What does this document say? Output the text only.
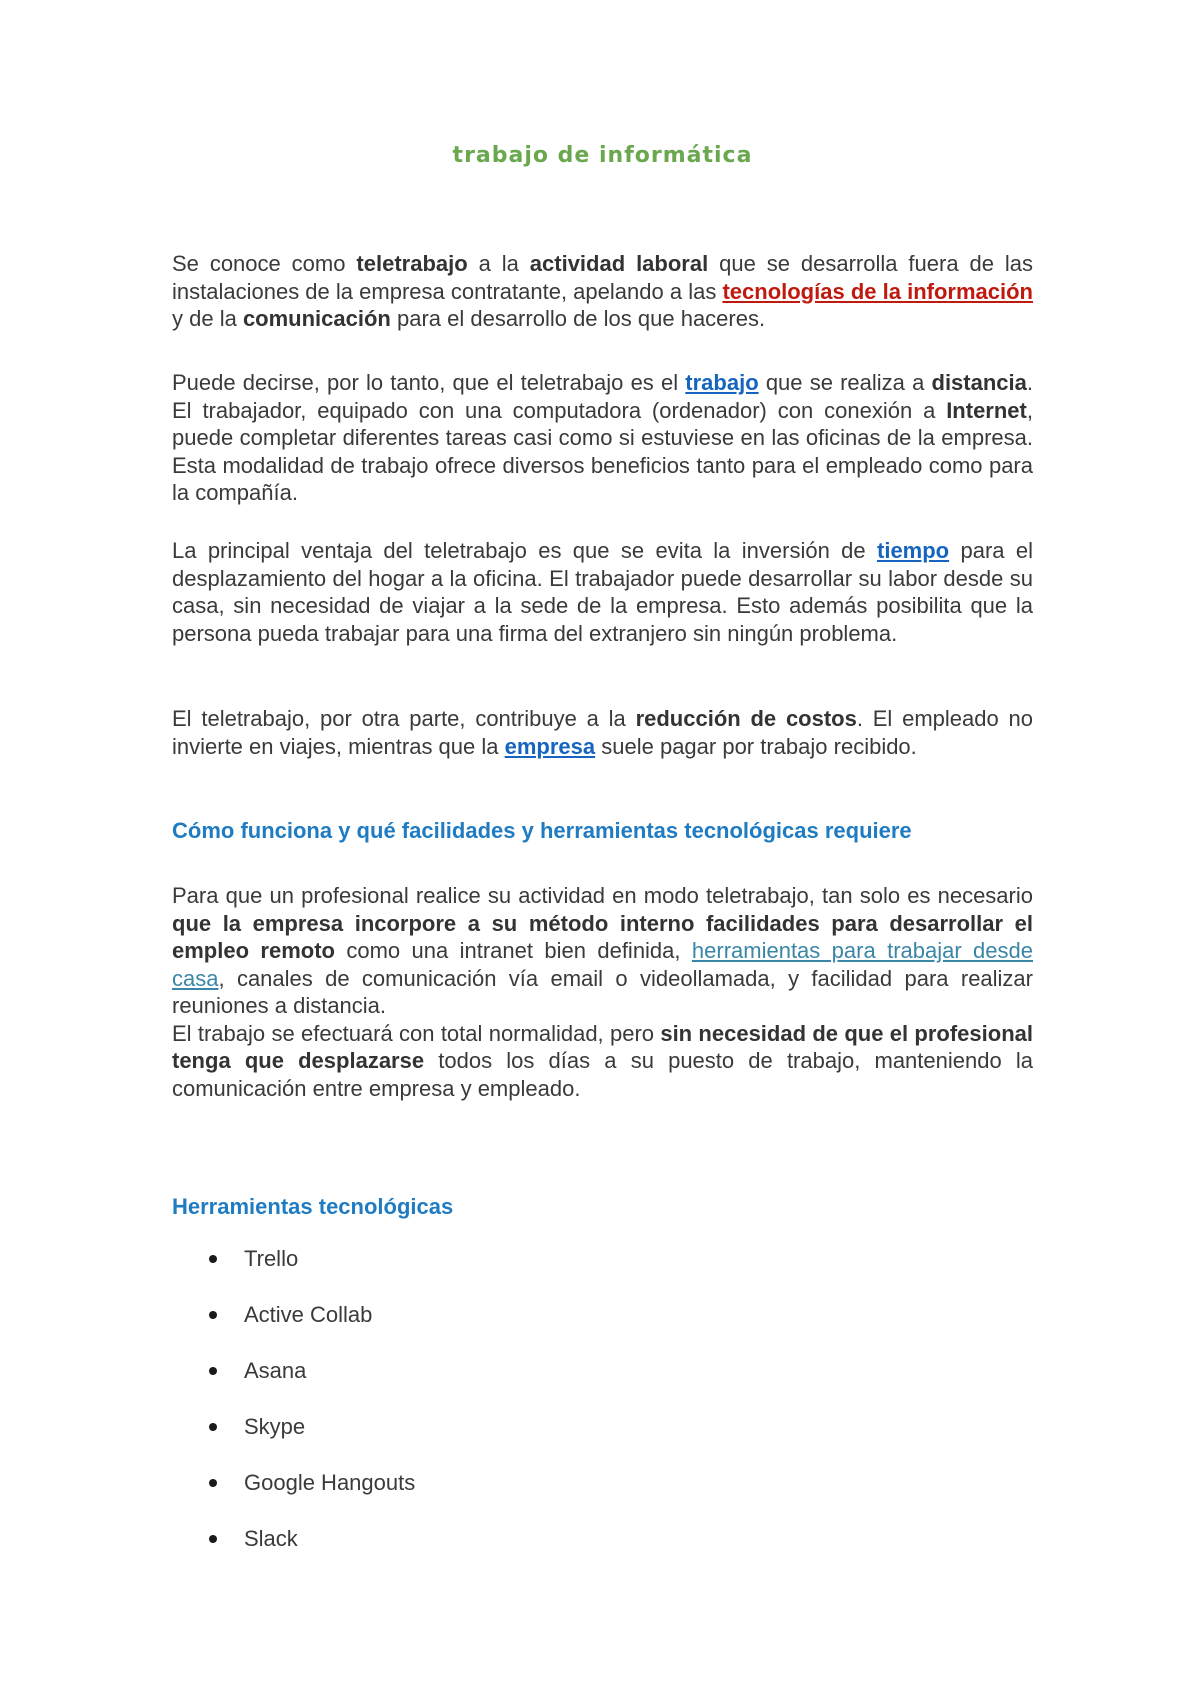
trabajo de informática

Se conoce como teletrabajo a la actividad laboral que se desarrolla fuera de las instalaciones de la empresa contratante, apelando a las tecnologías de la información y de la comunicación para el desarrollo de los que haceres.

Puede decirse, por lo tanto, que el teletrabajo es el trabajo que se realiza a distancia. El trabajador, equipado con una computadora (ordenador) con conexión a Internet, puede completar diferentes tareas casi como si estuviese en las oficinas de la empresa. Esta modalidad de trabajo ofrece diversos beneficios tanto para el empleado como para la compañía.

La principal ventaja del teletrabajo es que se evita la inversión de tiempo para el desplazamiento del hogar a la oficina. El trabajador puede desarrollar su labor desde su casa, sin necesidad de viajar a la sede de la empresa. Esto además posibilita que la persona pueda trabajar para una firma del extranjero sin ningún problema.

El teletrabajo, por otra parte, contribuye a la reducción de costos. El empleado no invierte en viajes, mientras que la empresa suele pagar por trabajo recibido.

Cómo funciona y qué facilidades y herramientas tecnológicas requiere

Para que un profesional realice su actividad en modo teletrabajo, tan solo es necesario que la empresa incorpore a su método interno facilidades para desarrollar el empleo remoto como una intranet bien definida, herramientas para trabajar desde casa, canales de comunicación vía email o videollamada, y facilidad para realizar reuniones a distancia.
El trabajo se efectuará con total normalidad, pero sin necesidad de que el profesional tenga que desplazarse todos los días a su puesto de trabajo, manteniendo la comunicación entre empresa y empleado.

Herramientas tecnológicas
Trello
Active Collab
Asana
Skype
Google Hangouts
Slack
